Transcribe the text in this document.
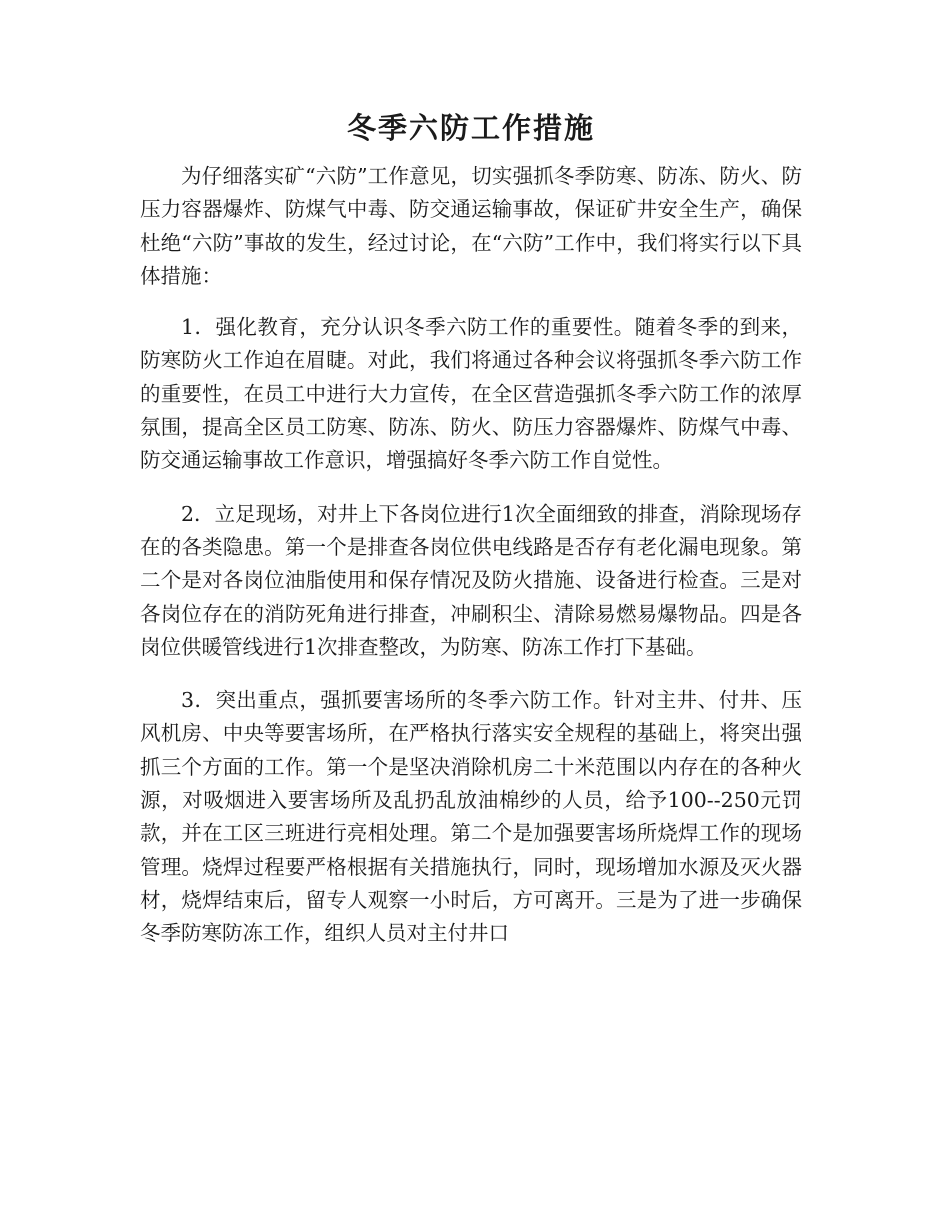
冬季六防工作措施

为仔细落实矿“六防”工作意见，切实强抓冬季防寒、防冻、防火、防压力容器爆炸、防煤气中毒、防交通运输事故，保证矿井安全生产，确保杜绝“六防”事故的发生，经过讨论，在“六防”工作中，我们将实行以下具体措施：

1．强化教育，充分认识冬季六防工作的重要性。随着冬季的到来，防寒防火工作迫在眉睫。对此，我们将通过各种会议将强抓冬季六防工作的重要性，在员工中进行大力宣传，在全区营造强抓冬季六防工作的浓厚氛围，提高全区员工防寒、防冻、防火、防压力容器爆炸、防煤气中毒、防交通运输事故工作意识，增强搞好冬季六防工作自觉性。

2．立足现场，对井上下各岗位进行1次全面细致的排查，消除现场存在的各类隐患。第一个是排查各岗位供电线路是否存有老化漏电现象。第二个是对各岗位油脂使用和保存情况及防火措施、设备进行检查。三是对各岗位存在的消防死角进行排查，冲刷积尘、清除易燃易爆物品。四是各岗位供暖管线进行1次排查整改，为防寒、防冻工作打下基础。

3．突出重点，强抓要害场所的冬季六防工作。针对主井、付井、压风机房、中央等要害场所，在严格执行落实安全规程的基础上，将突出强抓三个方面的工作。第一个是坚决消除机房二十米范围以内存在的各种火源，对吸烟进入要害场所及乱扔乱放油棉纱的人员，给予100--250元罚款，并在工区三班进行亮相处理。第二个是加强要害场所烧焊工作的现场管理。烧焊过程要严格根据有关措施执行，同时，现场增加水源及灭火器材，烧焊结束后，留专人观察一小时后，方可离开。三是为了进一步确保冬季防寒防冻工作，组织人员对主付井口
